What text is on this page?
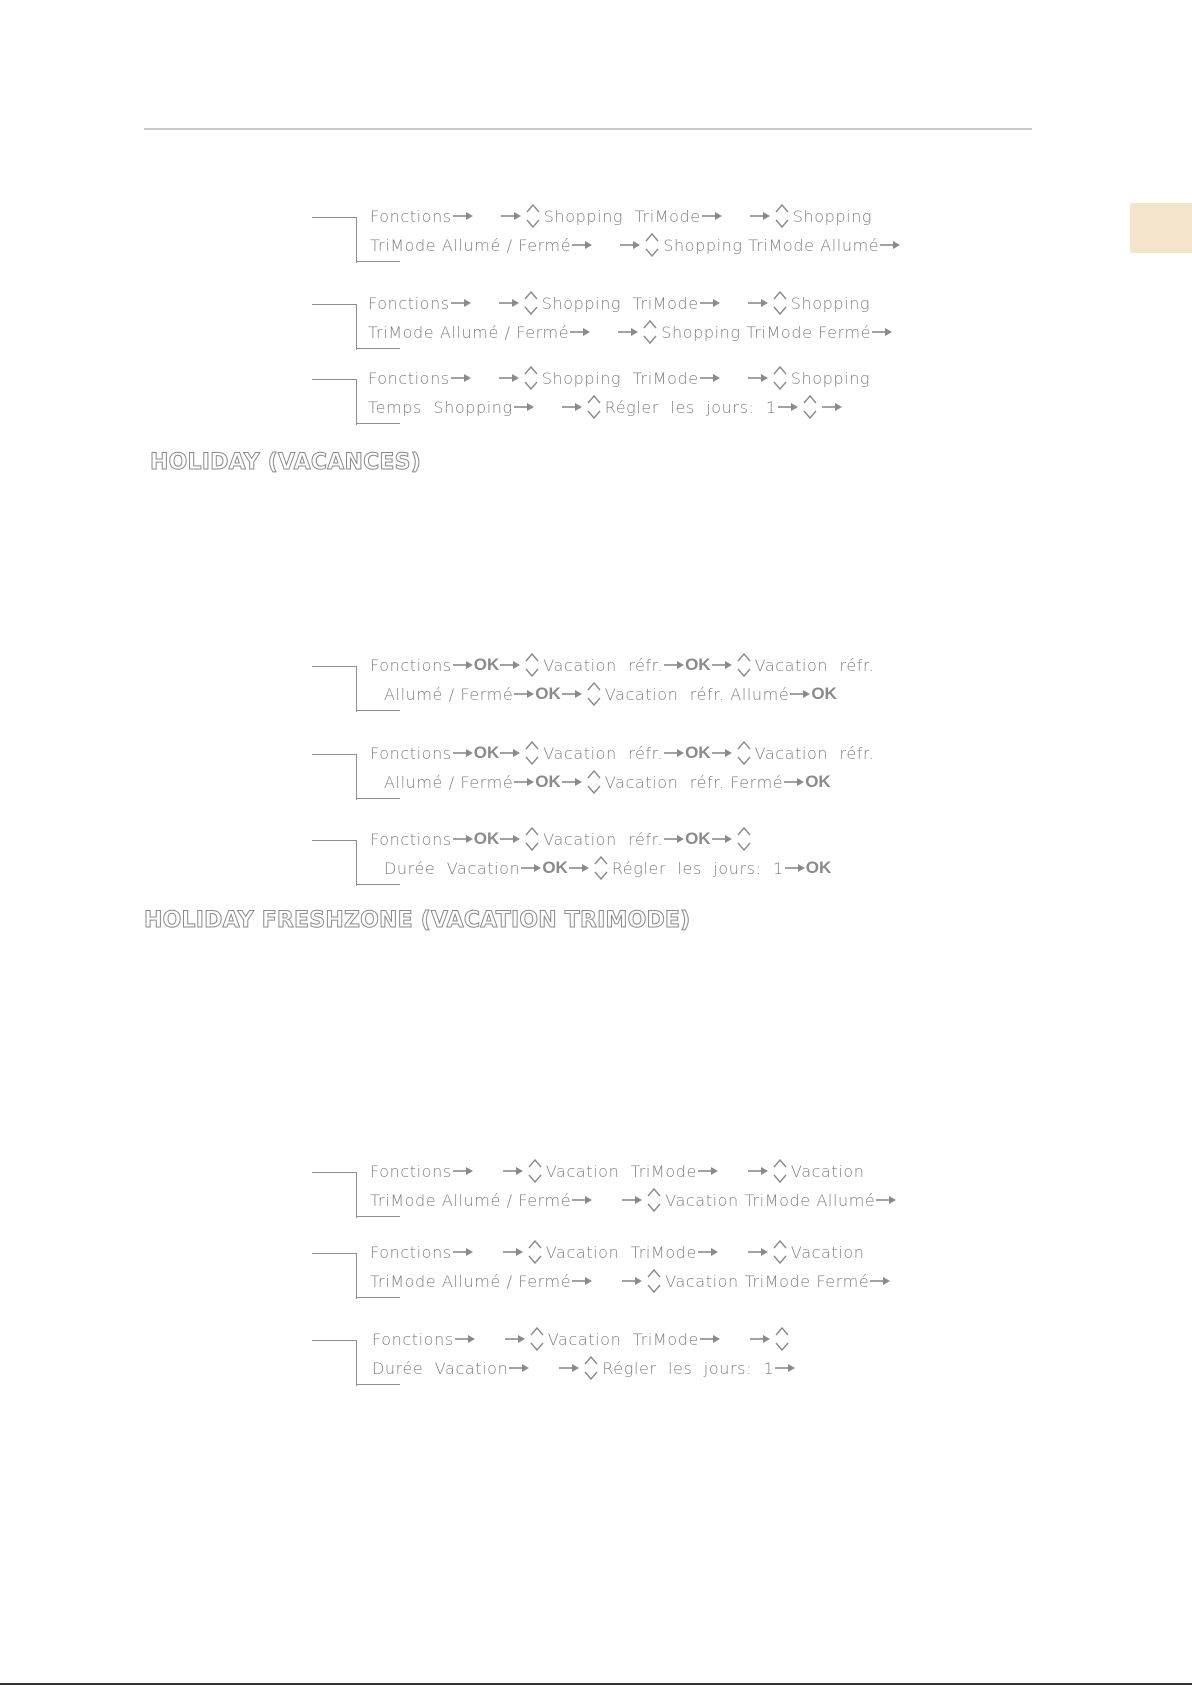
HOLIDAY (VACANCES)
HOLIDAY FRESHZONE (VACATION TRIMODE)
Fonctions	Shopping  TriMode	Shopping
TriMode Allumé / Fermé	Shopping TriMode Allumé
Fonctions	Shopping  TriMode	Shopping
TriMode Allumé / Fermé	Shopping TriMode Fermé
Fonctions	Shopping  TriMode	Shopping
Temps  Shopping	Régler  les  jours:  1
Fonctions OK	Vacation  réfr. OK	Vacation  réfr.
Allumé / Fermé OK	Vacation  réfr. Allumé OK
Fonctions OK	Vacation  réfr. OK	Vacation  réfr.
Allumé / Fermé OK	Vacation  réfr. Fermé OK
Fonctions OK	Vacation  réfr. OK
Durée  Vacation OK	Régler  les  jours:  1 OK
Fonctions	Vacation  TriMode	Vacation
TriMode Allumé / Fermé	Vacation TriMode Allumé
Fonctions	Vacation  TriMode	Vacation
TriMode Allumé / Fermé	Vacation TriMode Fermé
Fonctions	Vacation  TriMode
Durée  Vacation	Régler  les  jours:  1
